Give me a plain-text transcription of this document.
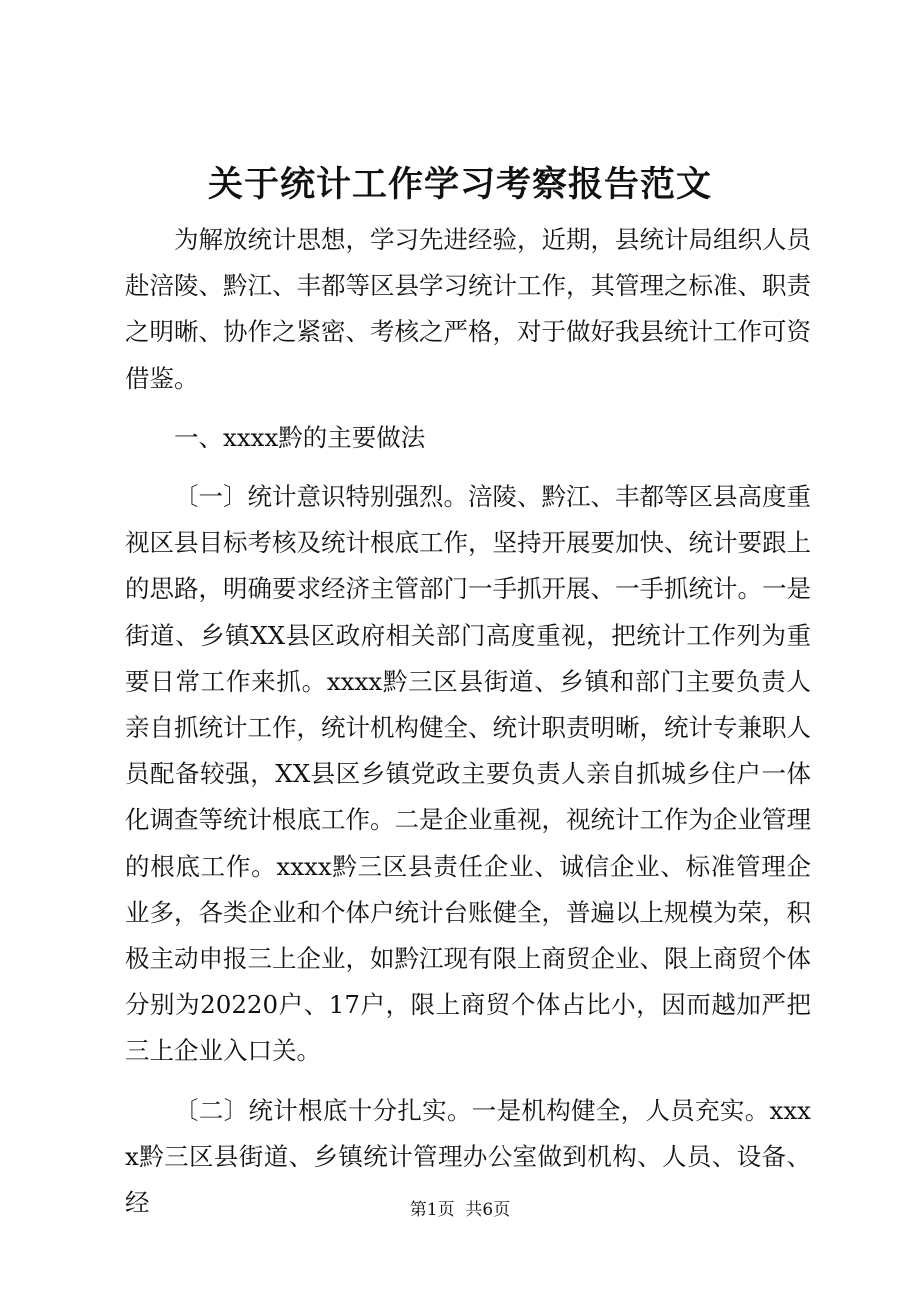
关于统计工作学习考察报告范文

为解放统计思想，学习先进经验，近期，县统计局组织人员赴涪陵、黔江、丰都等区县学习统计工作，其管理之标准、职责之明晰、协作之紧密、考核之严格，对于做好我县统计工作可资借鉴。

一、xxxx黔的主要做法

〔一〕统计意识特别强烈。涪陵、黔江、丰都等区县高度重视区县目标考核及统计根底工作，坚持开展要加快、统计要跟上的思路，明确要求经济主管部门一手抓开展、一手抓统计。一是街道、乡镇XX县区政府相关部门高度重视，把统计工作列为重要日常工作来抓。xxxx黔三区县街道、乡镇和部门主要负责人亲自抓统计工作，统计机构健全、统计职责明晰，统计专兼职人员配备较强，XX县区乡镇党政主要负责人亲自抓城乡住户一体化调查等统计根底工作。二是企业重视，视统计工作为企业管理的根底工作。xxxx黔三区县责任企业、诚信企业、标准管理企业多，各类企业和个体户统计台账健全，普遍以上规模为荣，积极主动申报三上企业，如黔江现有限上商贸企业、限上商贸个体分别为20220户、17户，限上商贸个体占比小，因而越加严把三上企业入口关。

〔二〕统计根底十分扎实。一是机构健全，人员充实。xxxx黔三区县街道、乡镇统计管理办公室做到机构、人员、设备、经	第1页 共6页
